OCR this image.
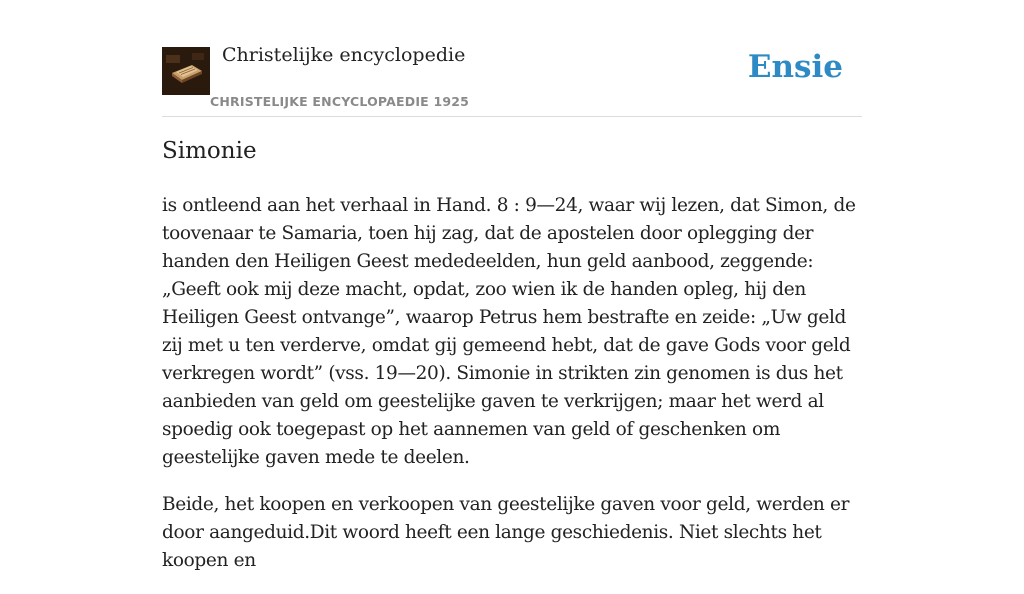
Christelijke encyclopedie
CHRISTELIJKE ENCYCLOPAEDIE 1925
Ensie
Simonie

is ontleend aan het verhaal in Hand. 8 : 9—24, waar wij lezen, dat Simon, de toovenaar te Samaria, toen hij zag, dat de apostelen door oplegging der handen den Heiligen Geest mededeelden, hun geld aanbood, zeggende: „Geeft ook mij deze macht, opdat, zoo wien ik de handen opleg, hij den Heiligen Geest ontvange”, waarop Petrus hem bestrafte en zeide: „Uw geld zij met u ten verderve, omdat gij gemeend hebt, dat de gave Gods voor geld verkregen wordt” (vss. 19—20). Simonie in strikten zin genomen is dus het aanbieden van geld om geestelijke gaven te verkrijgen; maar het werd al spoedig ook toegepast op het aannemen van geld of geschenken om geestelijke gaven mede te deelen.

Beide, het koopen en verkoopen van geestelijke gaven voor geld, werden er door aangeduid.Dit woord heeft een lange geschiedenis. Niet slechts het koopen en
